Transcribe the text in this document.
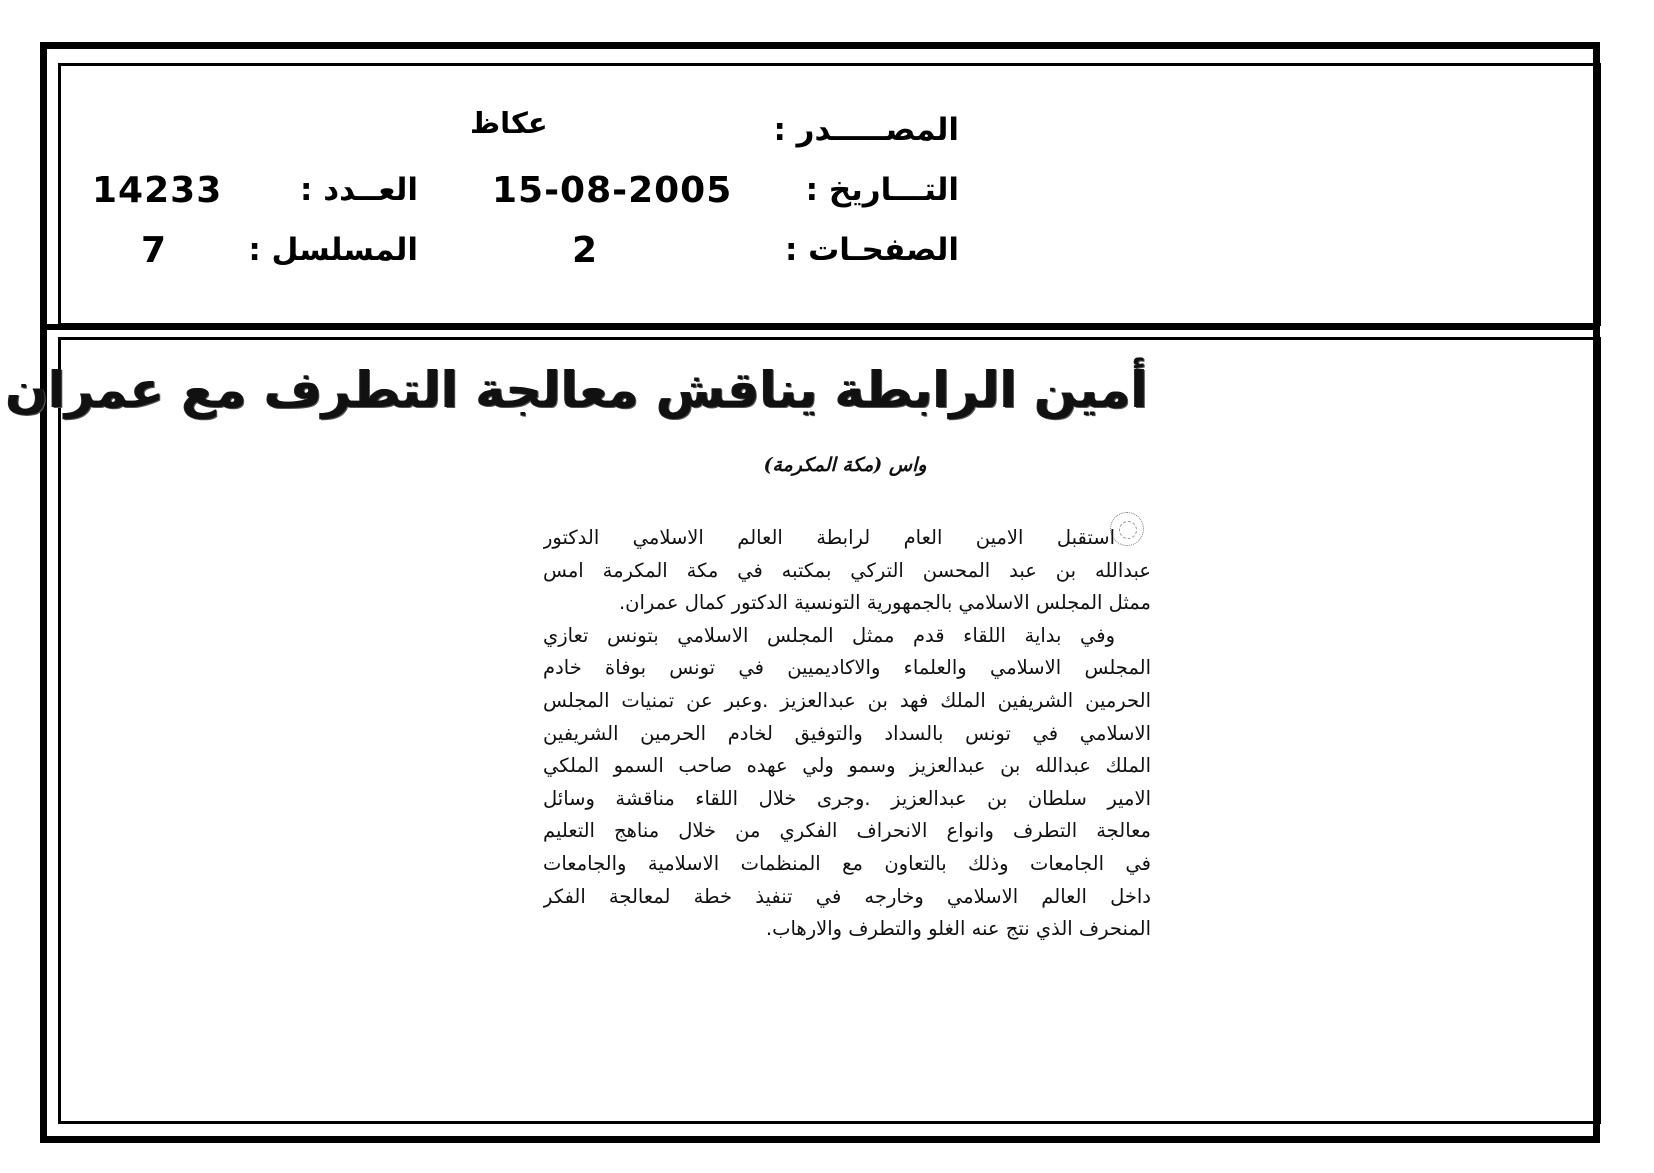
المصـــــدر :
عكاظ
التـــاريخ :
15-08-2005
الصفحـات :
2
العــدد :
14233
المسلسل :
7
أمين الرابطة يناقش معالجة التطرف مع عمران
واس (مكة المكرمة)
استقبل الامين العام لرابطة العالم الاسلامي الدكتور
عبدالله بن عبد المحسن التركي بمكتبه في مكة المكرمة امس
ممثل المجلس الاسلامي بالجمهورية التونسية الدكتور كمال عمران.
وفي بداية اللقاء قدم ممثل المجلس الاسلامي بتونس تعازي
المجلس الاسلامي والعلماء والاكاديميين في تونس بوفاة خادم
الحرمين الشريفين الملك فهد بن عبدالعزيز .وعبر عن تمنيات المجلس
الاسلامي في تونس بالسداد والتوفيق لخادم الحرمين الشريفين
الملك عبدالله بن عبدالعزيز وسمو ولي عهده صاحب السمو الملكي
الامير سلطان بن عبدالعزيز .وجرى خلال اللقاء مناقشة وسائل
معالجة التطرف وانواع الانحراف الفكري من خلال مناهج التعليم
في الجامعات وذلك بالتعاون مع المنظمات الاسلامية والجامعات
داخل العالم الاسلامي وخارجه في تنفيذ خطة لمعالجة الفكر
المنحرف الذي نتج عنه الغلو والتطرف والارهاب.
